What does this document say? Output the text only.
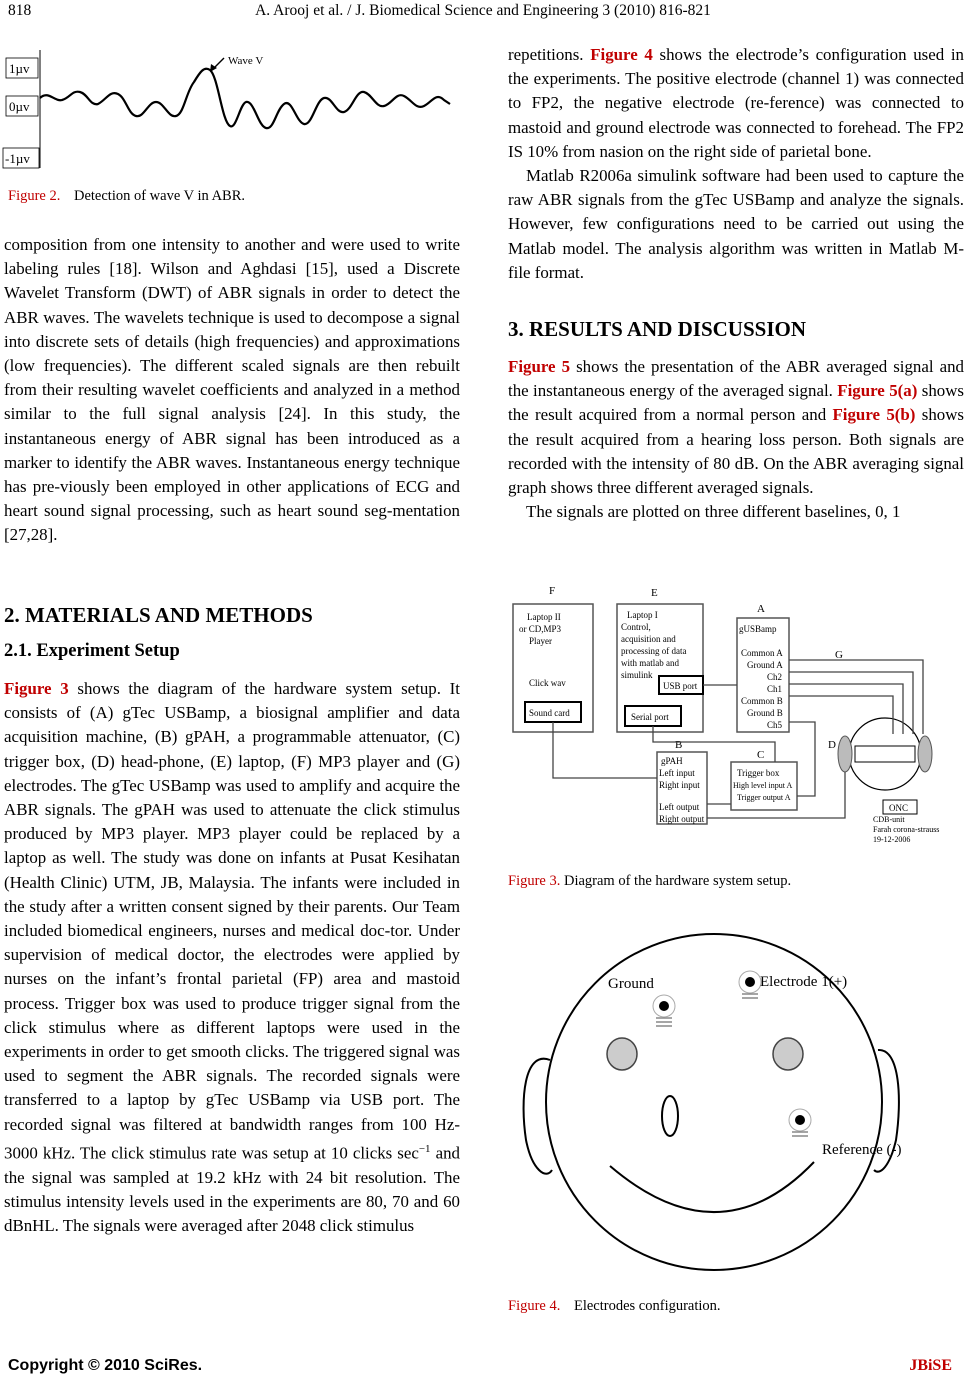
818	A. Arooj et al. / J. Biomedical Science and Engineering 3 (2010) 816-821
1µv
0µv
-1µv
Wave V
Figure 2. Detection of wave V in ABR.

composition from one intensity to another and were used to write labeling rules [18]. Wilson and Aghdasi [15], used a Discrete Wavelet Transform (DWT) of ABR signals in order to detect the ABR waves. The wavelets technique is used to decompose a signal into discrete sets of details (high frequencies) and approximations (low frequencies). The different scaled signals are then rebuilt from their resulting wavelet coefficients and analyzed in a method similar to the full signal analysis [24]. In this study, the instantaneous energy of ABR signal has been introduced as a marker to identify the ABR waves. Instantaneous energy technique has pre-viously been employed in other applications of ECG and heart sound signal processing, such as heart sound seg-mentation [27,28].

2. MATERIALS AND METHODS
2.1. Experiment Setup

Figure 3 shows the diagram of the hardware system setup. It consists of (A) gTec USBamp, a biosignal amplifier and data acquisition machine, (B) gPAH, a programmable attenuator, (C) trigger box, (D) head-phone, (E) laptop, (F) MP3 player and (G) electrodes. The gTec USBamp was used to amplify and acquire the ABR signals. The gPAH was used to attenuate the click stimulus produced by MP3 player. MP3 player could be replaced by a laptop as well. The study was done on infants at Pusat Kesihatan (Health Clinic) UTM, JB, Malaysia. The infants were included in the study after a written consent signed by their parents. Our Team included biomedical engineers, nurses and medical doc-tor. Under supervision of medical doctor, the electrodes were applied by nurses on the infant’s frontal parietal (FP) area and mastoid process. Trigger box was used to produce trigger signal from the click stimulus where as different laptops were used in the experiments in order to get smooth clicks. The triggered signal was used to segment the ABR signals. The recorded signals were transferred to a laptop by gTec USBamp via USB port. The recorded signal was filtered at bandwidth ranges from 100 Hz-3000 kHz. The click stimulus rate was setup at 10 clicks $\sec^{-1}$ and the signal was sampled at 19.2 kHz with 24 bit resolution. The stimulus intensity levels used in the experiments are 80, 70 and 60 dBnHL. The signals were averaged after 2048 click stimulus

repetitions. Figure 4 shows the electrode’s configuration used in the experiments. The positive electrode (channel 1) was connected to FP2, the negative electrode (re-ference) was connected to mastoid and ground electrode was connected to forehead. The FP2 IS 10% from nasion on the right side of parietal bone.

Matlab R2006a simulink software had been used to capture the raw ABR signals from the gTec USBamp and analyze the signals. However, few configurations need to be carried out using the Matlab model. The analysis algorithm was written in Matlab M-file format.

3. RESULTS AND DISCUSSION

Figure 5 shows the presentation of the ABR averaged signal and the instantaneous energy of the averaged signal. Figure 5(a) shows the result acquired from a normal person and Figure 5(b) shows the result acquired from a hearing loss person. Both signals are recorded with the intensity of 80 dB. On the ABR averaging signal graph shows three different averaged signals.

The signals are plotted on three different baselines, 0, 1

F	E
A
G
B
C
D
Laptop II
or CD,MP3
Player
Click wav
Sound card
Laptop I
Control,
acquisition and
processing of data
with matlab and
simulink
USB port
Serial port
gUSBamp
Common A
Ground A
Ch2
Ch1
Common B
Ground B
Ch5
gPAH
Left input
Right input
Left output
Right output
Trigger box
High level input A
Trigger output A
ONC
CDB-unit
Farah corona-strauss
19-12-2006
Figure 3. Diagram of the hardware system setup.
Ground	Electrode 1(+)
Reference (-)
Figure 4. Electrodes configuration.
Copyright © 2010 SciRes.	JBiSE
